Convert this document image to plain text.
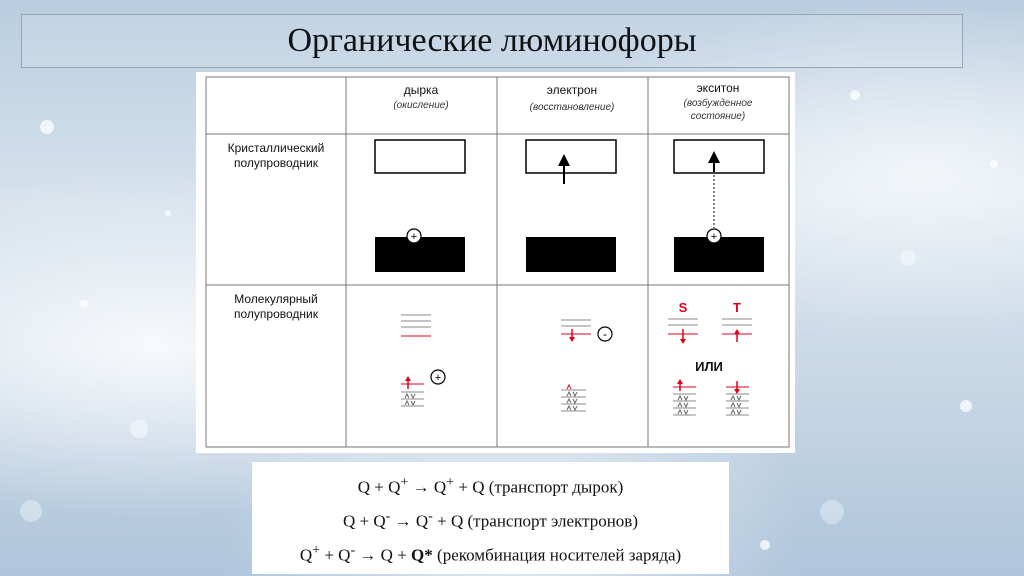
Органические люминофоры
дырка
(окисление)
электрон
(восстановление)
экситон
(возбужденное
состояние)
Кристаллический
полупроводник
Молекулярный
полупроводник
+	+
+
-
S	T
ИЛИ
Q + Q+ → Q+ + Q (транспорт дырок)
Q + Q- → Q- + Q (транспорт электронов)
Q+ + Q- → Q + Q* (рекомбинация носителей заряда)
